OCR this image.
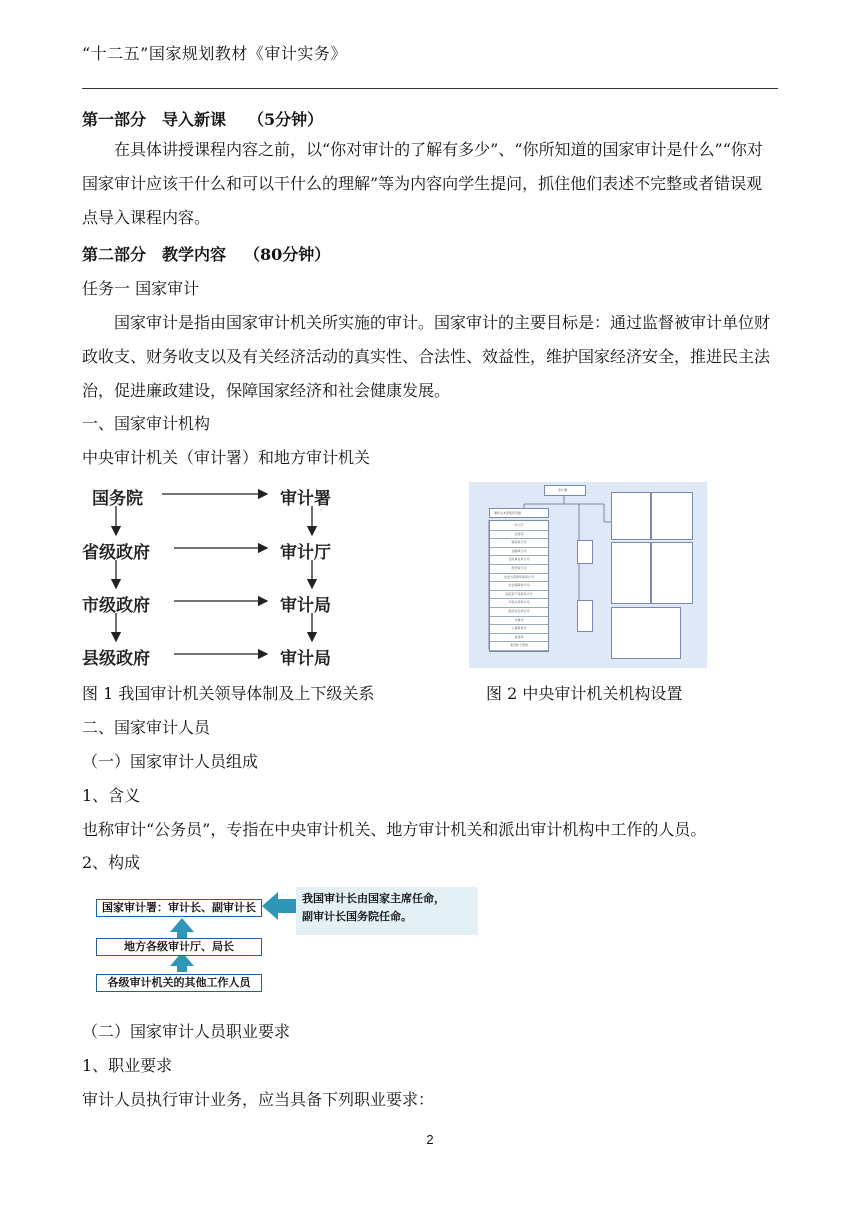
“十二五”国家规划教材《审计实务》
第一部分　导入新课 （5分钟）
在具体讲授课程内容之前，以“你对审计的了解有多少”、“你所知道的国家审计是什么”“你对国家审计应该干什么和可以干什么的理解”等为内容向学生提问，抓住他们表述不完整或者错误观点导入课程内容。
第二部分　教学内容 （80分钟）
任务一 国家审计
国家审计是指由国家审计机关所实施的审计。国家审计的主要目标是：通过监督被审计单位财政收支、财务收支以及有关经济活动的真实性、合法性、效益性，维护国家经济安全，推进民主法治，促进廉政建设，保障国家经济和社会健康发展。
一、国家审计机构
中央审计机关（审计署）和地方审计机关
国务院
省级政府
市级政府
县级政府
审计署
审计厅
审计局
审计局
审计署
署机关本部组织设置
办公厅
法规司
财政审计司
金融审计司
行政事业审计司
经贸审计司
农业与资源环保审计司
社会保障审计司
固定资产投资审计司
外资运用审计司
经济责任审计司
外事司
人事教育司
监察局
离退休干部局
图 1 我国审计机关领导体制及上下级关系	图 2 中央审计机关机构设置
二、国家审计人员
（一）国家审计人员组成
1、含义
也称审计“公务员”，专指在中央审计机关、地方审计机关和派出审计机构中工作的人员。
2、构成
国家审计署：审计长、副审计长
地方各级审计厅、局长
各级审计机关的其他工作人员
我国审计长由国家主席任命，
副审计长国务院任命。
（二）国家审计人员职业要求
1、职业要求
审计人员执行审计业务，应当具备下列职业要求：
2
